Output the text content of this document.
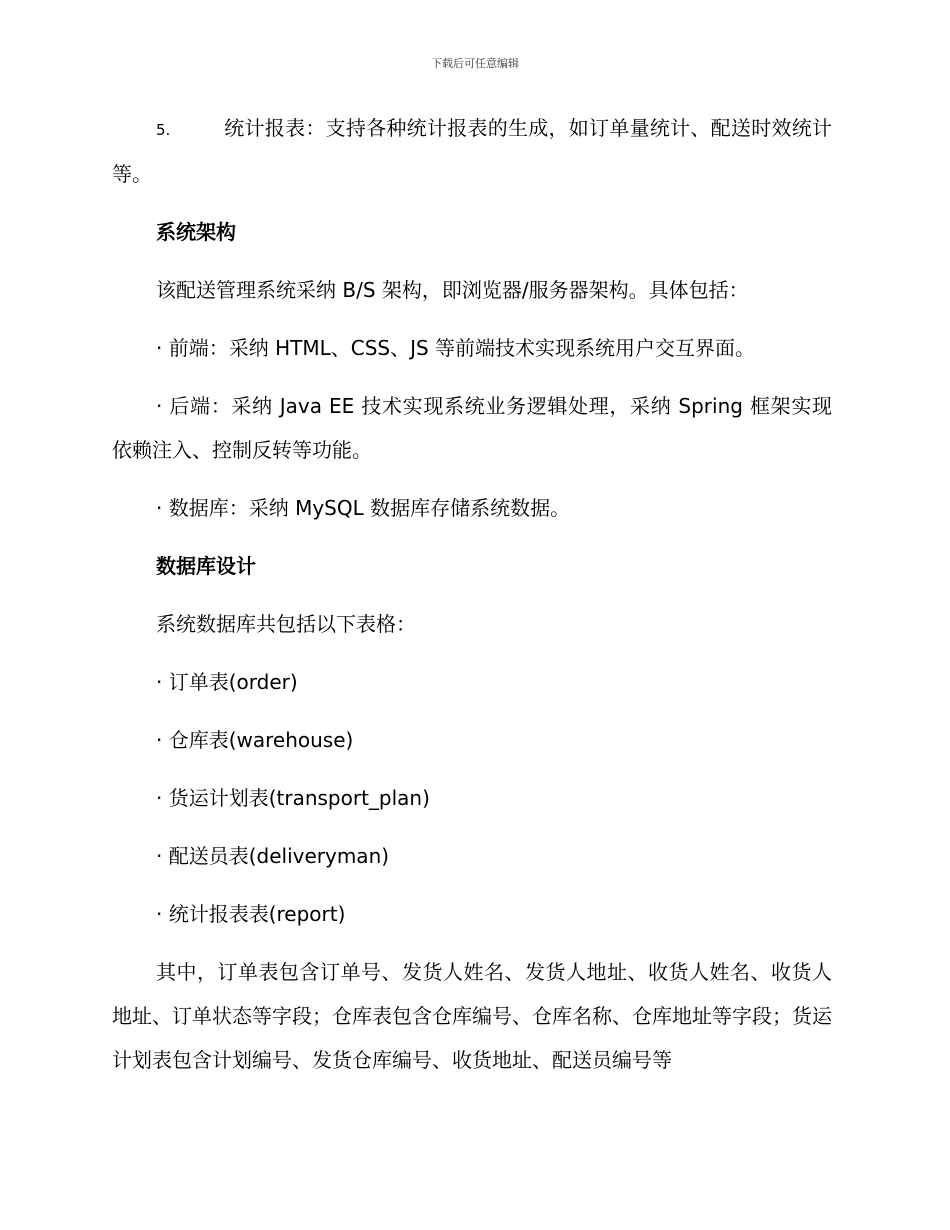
下载后可任意编辑

5.	统计报表：支持各种统计报表的生成，如订单量统计、配送时效统计等。

系统架构

该配送管理系统采纳 B/S 架构，即浏览器/服务器架构。具体包括：

· 前端：采纳 HTML、CSS、JS 等前端技术实现系统用户交互界面。

· 后端：采纳 Java EE 技术实现系统业务逻辑处理，采纳 Spring 框架实现依赖注入、控制反转等功能。

· 数据库：采纳 MySQL 数据库存储系统数据。

数据库设计

系统数据库共包括以下表格：

· 订单表(order)

· 仓库表(warehouse)

· 货运计划表(transport_plan)

· 配送员表(deliveryman)

· 统计报表表(report)

其中，订单表包含订单号、发货人姓名、发货人地址、收货人姓名、收货人地址、订单状态等字段；仓库表包含仓库编号、仓库名称、仓库地址等字段；货运计划表包含计划编号、发货仓库编号、收货地址、配送员编号等
